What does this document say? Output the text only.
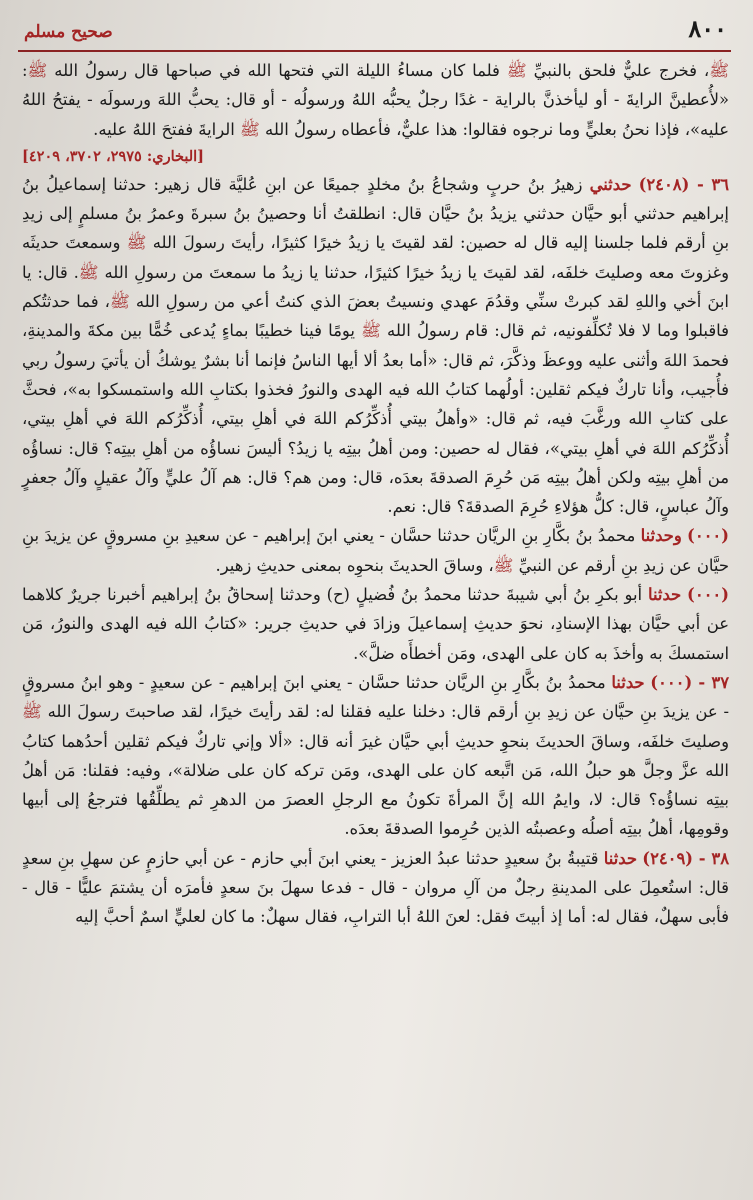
٨٠٠
صحيح مسلم

ﷺ، فخرج عليٌّ فلحق بالنبيِّ ﷺ فلما كان مساءُ الليلة التي فتحها الله في صباحها قال رسولُ الله ﷺ: «لأُعطينَّ الرايةَ - أو ليأخذنَّ بالراية - غدًا رجلٌ يحبُّه اللهُ ورسولُه - أو قال: يحبُّ اللهَ ورسولَه - يفتحُ اللهُ عليه»، فإذا نحنُ بعليٍّ وما نرجوه فقالوا: هذا عليٌّ، فأعطاه رسولُ الله ﷺ الرايةَ ففتحَ اللهُ عليه.

[البخاري: ٢٩٧٥، ٣٧٠٢، ٤٢٠٩]

٣٦ - (٢٤٠٨) حدثني زهيرُ بنُ حربٍ وشجاعُ بنُ مخلدٍ جميعًا عن ابنِ عُليَّة قال زهير: حدثنا إسماعيلُ بنُ إبراهيم حدثني أبو حيَّان حدثني يزيدُ بنُ حيَّان قال: انطلقتُ أنا وحصينُ بنُ سبرةَ وعمرُ بنُ مسلمٍ إلى زيدِ بنِ أرقم فلما جلسنا إليه قال له حصين: لقد لقيتَ يا زيدُ خيرًا كثيرًا، رأيتَ رسولَ الله ﷺ وسمعتَ حديثَه وغزوتَ معه وصليتَ خلفَه، لقد لقيتَ يا زيدُ خيرًا كثيرًا، حدثنا يا زيدُ ما سمعتَ من رسولِ الله ﷺ. قال: يا ابنَ أخي واللهِ لقد كبرتْ سنِّي وقدُمَ عهدي ونسيتُ بعضَ الذي كنتُ أعي من رسولِ الله ﷺ، فما حدثتُكم فاقبلوا وما لا فلا تُكلِّفونيه، ثم قال: قام رسولُ الله ﷺ يومًا فينا خطيبًا بماءٍ يُدعى خُمًّا بين مكةَ والمدينةِ، فحمدَ اللهَ وأثنى عليه ووعظَ وذكَّرَ، ثم قال: «أما بعدُ ألا أيها الناسُ فإنما أنا بشرٌ يوشكُ أن يأتيَ رسولُ ربي فأُجيب، وأنا تاركٌ فيكم ثقلين: أولُهما كتابُ الله فيه الهدى والنورُ فخذوا بكتابِ الله واستمسكوا به»، فحثَّ على كتابِ الله ورغَّبَ فيه، ثم قال: «وأهلُ بيتي أُذكِّرُكم اللهَ في أهلِ بيتي، أُذكِّرُكم اللهَ في أهلِ بيتي، أُذكِّرُكم اللهَ في أهلِ بيتي»، فقال له حصين: ومن أهلُ بيتِه يا زيدُ؟ أليسَ نساؤُه من أهلِ بيتِه؟ قال: نساؤُه من أهلِ بيتِه ولكن أهلُ بيتِه مَن حُرِمَ الصدقةَ بعدَه، قال: ومن هم؟ قال: هم آلُ عليٍّ وآلُ عقيلٍ وآلُ جعفرٍ وآلُ عباسٍ، قال: كلُّ هؤلاءِ حُرِمَ الصدقةَ؟ قال: نعم.

(٠٠٠) وحدثنا محمدُ بنُ بكَّارِ بنِ الريَّان حدثنا حسَّان - يعني ابنَ إبراهيم - عن سعيدِ بنِ مسروقٍ عن يزيدَ بنِ حيَّان عن زيدِ بنِ أرقم عن النبيِّ ﷺ، وساقَ الحديثَ بنحوِه بمعنى حديثِ زهير.

(٠٠٠) حدثنا أبو بكرِ بنُ أبي شيبةَ حدثنا محمدُ بنُ فُضيلٍ (ح) وحدثنا إسحاقُ بنُ إبراهيم أخبرنا جريرٌ كلاهما عن أبي حيَّان بهذا الإسنادِ، نحوَ حديثِ إسماعيلَ وزادَ في حديثِ جرير: «كتابُ الله فيه الهدى والنورُ، مَن استمسكَ به وأخذَ به كان على الهدى، ومَن أخطأَه ضلَّ».

٣٧ - (٠٠٠) حدثنا محمدُ بنُ بكَّارِ بنِ الريَّان حدثنا حسَّان - يعني ابنَ إبراهيم - عن سعيدٍ - وهو ابنُ مسروقٍ - عن يزيدَ بنِ حيَّان عن زيدِ بنِ أرقم قال: دخلنا عليه فقلنا له: لقد رأيتَ خيرًا، لقد صاحبتَ رسولَ الله ﷺ وصليتَ خلفَه، وساقَ الحديثَ بنحوِ حديثِ أبي حيَّان غيرَ أنه قال: «ألا وإني تاركٌ فيكم ثقلين أحدُهما كتابُ الله عزَّ وجلَّ هو حبلُ الله، مَن اتَّبعه كان على الهدى، ومَن تركه كان على ضلالة»، وفيه: فقلنا: مَن أهلُ بيتِه نساؤُه؟ قال: لا، وايمُ الله إنَّ المرأةَ تكونُ مع الرجلِ العصرَ من الدهرِ ثم يطلِّقُها فترجعُ إلى أبيها وقومِها، أهلُ بيتِه أصلُه وعصبتُه الذين حُرِموا الصدقةَ بعدَه.

٣٨ - (٢٤٠٩) حدثنا قتيبةُ بنُ سعيدٍ حدثنا عبدُ العزيز - يعني ابنَ أبي حازم - عن أبي حازمٍ عن سهلِ بنِ سعدٍ قال: استُعمِلَ على المدينةِ رجلٌ من آلِ مروان - قال - فدعا سهلَ بنَ سعدٍ فأمرَه أن يشتمَ عليًّا - قال - فأبى سهلٌ، فقال له: أما إذ أبيتَ فقل: لعنَ اللهُ أبا الترابِ، فقال سهلٌ: ما كان لعليٍّ اسمٌ أحبَّ إليه
